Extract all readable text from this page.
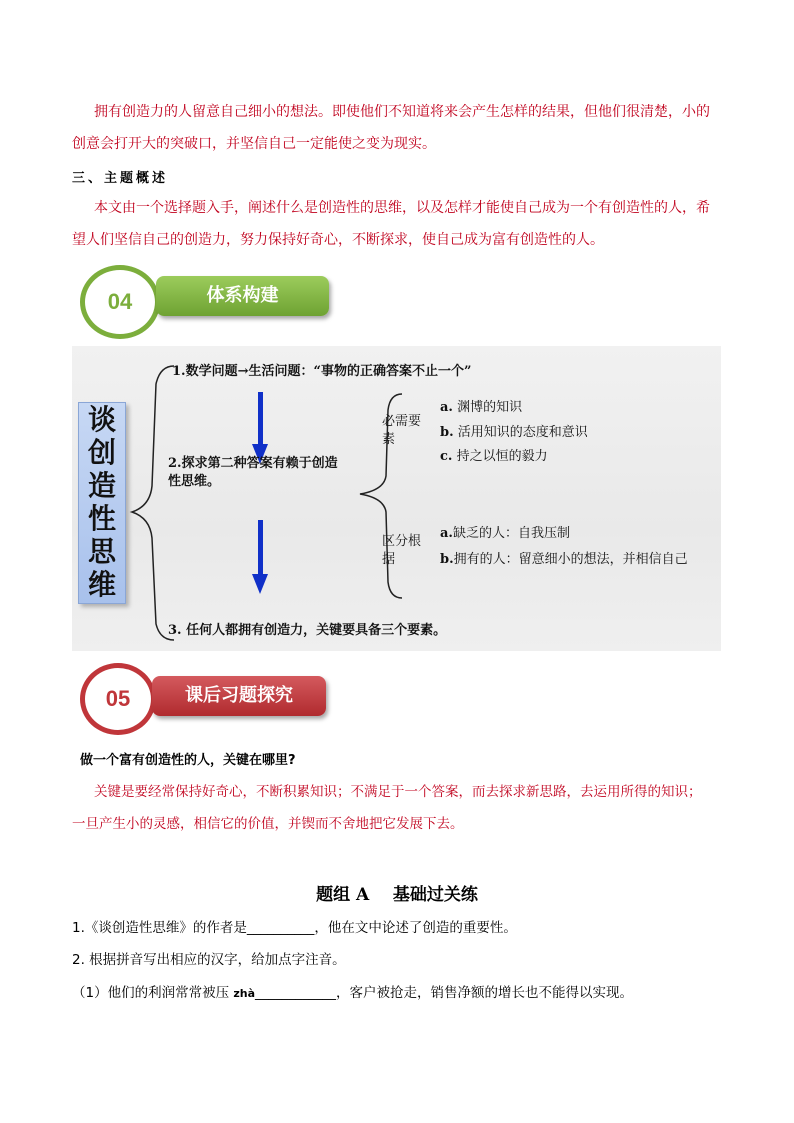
拥有创造力的人留意自己细小的想法。即使他们不知道将来会产生怎样的结果，但他们很清楚，小的
创意会打开大的突破口，并坚信自己一定能使之变为现实。
三、主题概述
本文由一个选择题入手，阐述什么是创造性的思维，以及怎样才能使自己成为一个有创造性的人，希
望人们坚信自己的创造力，努力保持好奇心，不断探求，使自己成为富有创造性的人。
04	体系构建
谈
创
造
性
思
维
1.数学问题→生活问题：“事物的正确答案不止一个”
2.探求第二种答案有赖于创造
性思维。
3. 任何人都拥有创造力，关键要具备三个要素。
必需要
素
a. 渊博的知识
b. 活用知识的态度和意识
c. 持之以恒的毅力
区分根
据
a.缺乏的人：自我压制
b.拥有的人：留意细小的想法，并相信自己
05	课后习题探究
做一个富有创造性的人，关键在哪里?
关键是要经常保持好奇心，不断积累知识；不满足于一个答案，而去探求新思路，去运用所得的知识；
一旦产生小的灵感，相信它的价值，并锲而不舍地把它发展下去。
题组 A    基础过关练
1.《谈创造性思维》的作者是__________，他在文中论述了创造的重要性。
2. 根据拼音写出相应的汉字，给加点字注音。
（1）他们的利润常常被压 zhà____________，客户被抢走，销售净额的增长也不能得以实现。
